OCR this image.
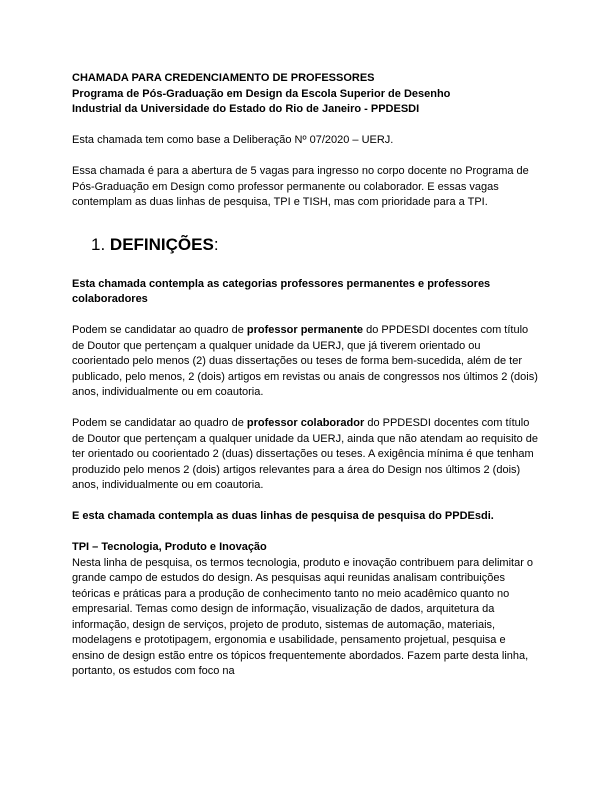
CHAMADA PARA CREDENCIAMENTO DE PROFESSORES

Programa de Pós-Graduação em Design da Escola Superior de Desenho

Industrial da Universidade do Estado do Rio de Janeiro - PPDESDI

Esta chamada tem como base a Deliberação Nº 07/2020 – UERJ.

Essa chamada é para a abertura de 5 vagas para ingresso no corpo docente no Programa de Pós-Graduação em Design como professor permanente ou colaborador. E essas vagas contemplam as duas linhas de pesquisa, TPI e TISH, mas com prioridade para a TPI.

1. DEFINIÇÕES:

Esta chamada contempla as categorias professores permanentes e professores colaboradores

Podem se candidatar ao quadro de professor permanente do PPDESDI docentes com título de Doutor que pertençam a qualquer unidade da UERJ, que já tiverem orientado ou coorientado pelo menos (2) duas dissertações ou teses de forma bem-sucedida, além de ter publicado, pelo menos, 2 (dois) artigos em revistas ou anais de congressos nos últimos 2 (dois) anos, individualmente ou em coautoria.

Podem se candidatar ao quadro de professor colaborador do PPDESDI docentes com título de Doutor que pertençam a qualquer unidade da UERJ, ainda que não atendam ao requisito de ter orientado ou coorientado 2 (duas) dissertações ou teses. A exigência mínima é que tenham produzido pelo menos 2 (dois) artigos relevantes para a área do Design nos últimos 2 (dois) anos, individualmente ou em coautoria.

E esta chamada contempla as duas linhas de pesquisa de pesquisa do PPDEsdi.

TPI – Tecnologia, Produto e Inovação

Nesta linha de pesquisa, os termos tecnologia, produto e inovação contribuem para delimitar o grande campo de estudos do design. As pesquisas aqui reunidas analisam contribuições teóricas e práticas para a produção de conhecimento tanto no meio acadêmico quanto no empresarial. Temas como design de informação, visualização de dados, arquitetura da informação, design de serviços, projeto de produto, sistemas de automação, materiais, modelagens e prototipagem, ergonomia e usabilidade, pensamento projetual, pesquisa e ensino de design estão entre os tópicos frequentemente abordados. Fazem parte desta linha, portanto, os estudos com foco na
